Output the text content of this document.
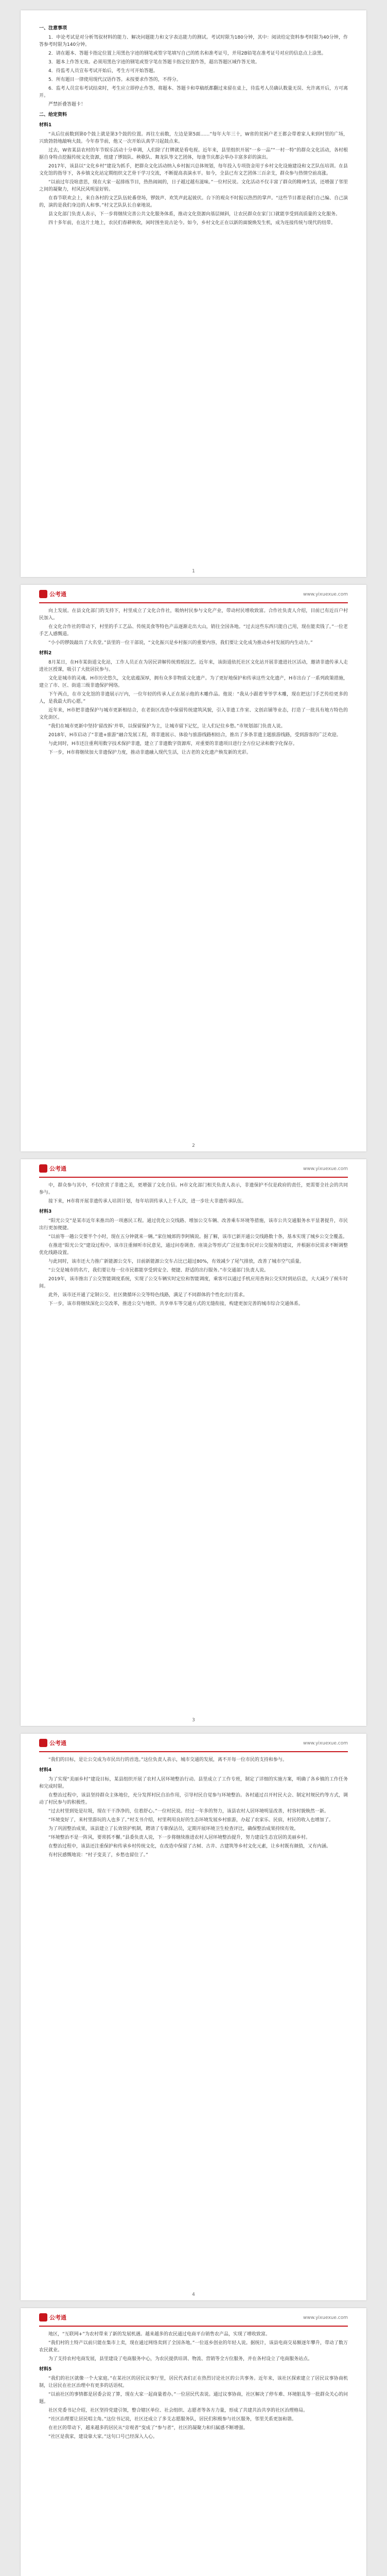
一、注意事项

1．申论考试是对分析驾驭材料的能力、解决问题能力和文字表达能力的测试。考试时限为180分钟，其中：阅读给定资料参考时限为40分钟，作答参考时限为140分钟。

2．请在题本、答题卡指定位置上用黑色字迹的钢笔或签字笔填写自己的姓名和准考证号，并用2B铅笔在准考证号对应的信息点上涂黑。

3．题本上作答无效。必须用黑色字迹的钢笔或签字笔在答题卡指定位置作答，超出答题区域作答无效。

4．待监考人员宣布考试开始后，考生方可开始答题。

5．所有题目一律使用现代汉语作答。未按要求作答的，不得分。

6．监考人员宣布考试结束时，考生应立即停止作答，将题本、答题卡和草稿纸都翻过来留在桌上，待监考人员确认数量无误、允许离开后，方可离开。

严禁折叠答题卡！

二、给定资料

材料1

“从后往前数到第0个鼓上就是第3个鼓的位置。再往左前数，左边是第5面……”每年大年三十，W省的贫困户老王都会带着家人来到村里的广场，兴致勃勃地敲响大鼓。今年春节前，他又一次开始认真学习起鼓点来。

过去，W省某县农村的年节娱乐活动十分单调，人们除了打牌就是看电视。近年来，县里组织开展“一乡一品”“一村一特”的群众文化活动，各村根据自身特点挖掘传统文化资源，组建了锣鼓队、秧歌队、舞龙队等文艺团体，每逢节庆都会举办丰富多彩的演出。

2017年，该县以“文化乡村”建设为抓手，把群众文化活动纳入乡村振兴总体规划，每年投入专项资金用于乡村文化设施建设和文艺队伍培训。在县文化馆的指导下，各乡镇文化站定期组织文艺骨干学习交流，不断提高表演水平。如今，全县已有文艺团体三百余支，群众参与热情空前高涨。

“以前过年没啥意思，现在大家一起排练节目，热热闹闹的，日子越过越有滋味。”一位村民说。文化活动不仅丰富了群众的精神生活，还增强了邻里之间的凝聚力，村风民风明显好转。

在春节联欢会上，来自各村的文艺队伍轮番登场，锣鼓声、欢笑声此起彼伏。台下的观众不时报以热烈的掌声。“这些节目都是我们自己编、自己演的，演的是我们身边的人和事。”村文艺队队长自豪地说。

县文化部门负责人表示，下一步将继续完善公共文化服务体系，推动文化资源向基层倾斜，让农民群众在家门口就能享受到高质量的文化服务。

四十多年前，在这片土地上，农民们春耕秋收，闲时围坐说古论今。如今，乡村文化正在以新的面貌焕发生机，成为连接传统与现代的纽带。

1
公考通	www.yixuexue.com

向上发展。在县文化部门的支持下，村里成立了文化合作社，吸纳村民参与文化产业，带动村民增收致富。合作社负责人介绍，目前已有近百户村民加入。

在文化合作社的带动下，村里的手工艺品、传统美食等特色产品逐渐走出大山，销往全国各地。“过去这些东西只能自己用，现在能卖钱了。”一位老手艺人感慨道。

“小小的锣鼓敲出了大名堂。”县里的一位干部说，“文化振兴是乡村振兴的重要内容，我们要让文化成为推动乡村发展的内生动力。”

材料2

8月某日，在H市某街道文化站，工作人员正在为居民讲解传统剪纸技艺。近年来，该街道依托社区文化站开展非遗进社区活动，邀请非遗传承人走进社区授课，吸引了大批居民参与。

文化是城市的灵魂。H市历史悠久，文化底蕴深厚，拥有众多非物质文化遗产。为了更好地保护和传承这些文化遗产，H市出台了一系列政策措施，建立了市、区、街道三级非遗保护网络。

下午两点，在市文化馆的非遗展示厅内，一位年轻的传承人正在展示他的木雕作品。他说：“我从小跟着爷爷学木雕，现在把这门手艺传给更多的人，是我最大的心愿。”

近年来，H市把非遗保护与城市更新相结合，在老街区改造中保留传统建筑风貌，引入非遗工作室、文创店铺等业态，打造了一批具有地方特色的文化街区。

“我们在城市更新中坚持‘留改拆’并举，以保留保护为主，让城市留下记忆，让人们记住乡愁。”市规划部门负责人说。

2018年，H市启动了“非遗+旅游”融合发展工程，将非遗展示、体验与旅游线路相结合，推出了多条非遗主题旅游线路，受到游客的广泛欢迎。

与此同时，H市还注重利用数字技术保护非遗，建立了非遗数字资源库，对重要的非遗项目进行全方位记录和数字化保存。

下一步，H市将继续加大非遗保护力度，推动非遗融入现代生活，让古老的文化遗产焕发新的光彩。

2
公考通	www.yixuexue.com

中，群众参与其中，不仅欣赏了非遗之美，更增强了文化自信。H市文化部门相关负责人表示，非遗保护不仅是政府的责任，更需要全社会的共同参与。

接下来，H市将开展非遗传承人培训计划，每年培训传承人上千人次，进一步壮大非遗传承队伍。

材料3

“阳光公交”是某市近年来推出的一项惠民工程。通过优化公交线路、增加公交车辆、改善乘车环境等措施，该市公共交通服务水平显著提升，市民出行更加便捷。

“以前等一趟公交要半个小时，现在五分钟就来一辆。”家住城郊的李阿姨说。据了解，该市已新开通公交线路数十条，基本实现了城乡公交全覆盖。

在推进“阳光公交”建设过程中，该市注重倾听市民意见，通过问卷调查、座谈会等形式广泛征集市民对公交服务的建议，并根据市民需求不断调整优化线路设置。

与此同时，该市还大力推广新能源公交车，目前新能源公交车占比已超过80%，有效减少了尾气排放，改善了城市空气质量。

“公交是城市的名片，我们要让每一位市民都能享受到安全、便捷、舒适的出行服务。”市交通部门负责人说。

2019年，该市推出了公交智能调度系统，实现了公交车辆实时定位和智能调度，乘客可以通过手机应用查询公交实时到站信息，大大减少了候车时间。

此外，该市还开通了定制公交、社区微循环公交等特色线路，满足了不同群体的个性化出行需求。

下一步，该市将继续深化公交改革，推进公交与地铁、共享单车等交通方式的无缝衔接，构建更加完善的城市综合交通体系。

3
公考通	www.yixuexue.com

“我们的目标，是让公交成为市民出行的首选。”这位负责人表示，城市交通的发展，离不开每一位市民的支持和参与。

材料4

为了实现“美丽乡村”建设目标，某县组织开展了农村人居环境整治行动。县里成立了工作专班，制定了详细的实施方案，明确了各乡镇的工作任务和完成时限。

在整治过程中，该县坚持群众主体地位，充分发挥村民自治作用，引导村民自觉参与环境整治。各村通过召开村民大会、制定村规民约等方式，调动了村民参与的积极性。

“过去村里到处是垃圾，现在干干净净的，住着舒心。”一位村民说。经过一年多的努力，该县农村人居环境明显改善，村容村貌焕然一新。

“环境变好了，来村里游玩的人也多了。”村支书介绍，村里利用良好的生态环境发展乡村旅游，办起了农家乐、民宿，村民的收入也增加了。

为了巩固整治成果，该县建立了长效管护机制，聘请了专职保洁员，定期开展环境卫生检查评比，确保整治成果持续有效。

“环境整治不是一阵风，要常抓不懈。”县委负责人说，下一步将继续推进农村人居环境整治提升，努力建设生态宜居的美丽乡村。

在整治过程中，该县还注重保护和传承乡村传统文化，在改造中保留了古树、古井、古建筑等乡村文化元素，让乡村既有颜值，又有内涵。

有村民感慨地说：“村子变美了，乡愁也留住了。”

4
公考通	www.yixuexue.com

地区，“互联网+”为农村带来了新的发展机遇。越来越多的农民通过电商平台销售农产品，实现了增收致富。

“我们村的土特产以前只能在集市上卖，现在通过网络卖到了全国各地。”一位返乡创业的年轻人说。据统计，该县电商交易额逐年攀升，带动了数万农民就业。

为了支持农村电商发展，县里建设了电商服务中心，为农民提供培训、物流、营销等全方位服务，并在各村设立了电商服务站点。

材料5

“我们的社区就像一个大家庭。”在某社区的居民议事厅里，居民代表们正在热烈讨论社区的公共事务。近年来，该社区探索建立了居民议事协商机制，让居民在社区治理中有更多的话语权。

“以前社区的事情都是居委会说了算，现在大家一起商量着办。”一位居民代表说。通过议事协商，社区解决了停车难、环境脏乱等一批群众关心的问题。

社区党委书记介绍，社区坚持党建引领，整合辖区单位、社会组织、志愿者等各方力量，形成了共建共治共享的社区治理格局。

“社区治理要让居民唱主角。”这位书记说，社区还成立了多支志愿服务队，居民们积极参与社区服务，邻里关系更加和谐。

在社区的带动下，越来越多的居民从“旁观者”变成了“参与者”，社区的凝聚力和归属感不断增强。

“社区是我家，建设靠大家。”这句口号已经深入人心。
